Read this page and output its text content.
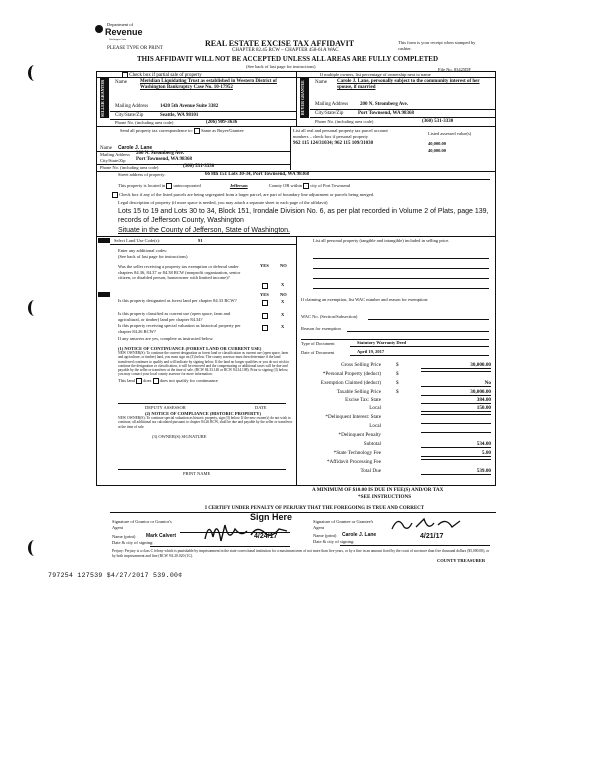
Department of
Revenue
Washington State
PLEASE TYPE OR PRINT
REAL ESTATE EXCISE TAX AFFIDAVIT
CHAPTER 82.45 RCW – CHAPTER 458-61A WAC
THIS AFFIDAVIT WILL NOT BE ACCEPTED UNLESS ALL AREAS ARE FULLY COMPLETED
(See back of last page for instructions)
This form is your receipt when stamped by cashier.
File No. 83425DF
Check box if partial sale of property	If multiple owners, list percentage of ownership next to name
SELLER GRANTOR	BUYER GRANTEE
Name	Meridian Liquidating Trust as established in Western District of Washington Bankruptcy Case No. 10-17952
Mailing Address 1420 5th Avenue Suite 3382
City/State/Zip	Seattle, WA 98101
Phone No. (including area code)	(206) 909-3636
Name Carole J. Lane, personally subject to the community interest of her spouse, if married
Mailing Address 200 N. Stromberg Ave.
City/State/Zip	Port Townsend, WA 98368
Phone No. (including area code)	(360) 531-3330
Send all property tax correspondence to: Same as Buyer/Grantee	List all real and personal property tax parcel account numbers – check box if personal property
962 115 124/31034; 962 115 109/31030
Listed assessed value(s)
40,000.00
40,000.00
Name Carole J. Lane
Mailing Address 200 N. Stromberg Ave.
City/State/Zip Port Townsend, WA 98368
Phone No. (including area code)	(360) 531-3330
Street address of property:	66 8th 151 Lots 30-34, Port Townsend, WA 98368
This property is located in unincorporated	Jefferson	County OR within city of Port Townsend
Check box if any of the listed parcels are being segregated from a larger parcel, are part of boundary line adjustment or parcels being merged.
Legal description of property (if more space is needed, you may attach a separate sheet to each page of the affidavit)
Lots 15 to 19 and Lots 30 to 34, Block 151, Irondale Division No. 6, as per plat recorded in Volume 2 of Plats, page 139, records of Jefferson County, Washington
Situate in the County of Jefferson, State of Washington.
Select Land Use Code(s):	91
Enter any additional codes:
(See back of last page for instructions)
YES NO
Was the seller receiving a property tax exemption or deferral under chapters 84.36, 84.37 or 84.38 RCW (nonprofit organization, senior citizen, or disabled person, homeowner with limited income)?
X
YES NO
Is this property designated as forest land per chapter 84.33 RCW?	X
Is this property classified as current use (open space, farm and agricultural, or timber) land per chapter 84.34?
X
Is this property receiving special valuation as historical property per chapter 84.26 RCW?
X
If any answers are yes, complete as instructed below.
(1) NOTICE OF CONTINUANCE (FOREST LAND OR CURRENT USE)
NEW OWNER(S): To continue the current designation as forest land or classification as current use (open space, farm and agriculture, or timber) land, you must sign on (3) below. The county assessor must then determine if the land transferred continues to qualify and will indicate by signing below. If the land no longer qualifies or you do not wish to continue the designation or classification, it will be removed and the compensating or additional taxes will be due and payable by the seller or transferor at the time of sale. (RCW 84.33.140 or RCW 84.34.108). Prior to signing (3) below, you may contact your local county assessor for more information.
This land does does not qualify for continuance
DEPUTY ASSESSOR	DATE
(2) NOTICE OF COMPLIANCE (HISTORIC PROPERTY)
NEW OWNER(S): To continue special valuation as historic property, sign (3) below. If the new owner(s) do not wish to continue, all additional tax calculated pursuant to chapter 84.26 RCW, shall be due and payable by the seller or transferor at the time of sale.
(3) OWNER(S) SIGNATURE
PRINT NAME
List all personal property (tangible and intangible) included in selling price.
If claiming an exemption, list WAC number and reason for exemption:
WAC No. (Section/Subsection)
Reason for exemption
Type of Document	Statutory Warranty Deed
Date of Document	April 19, 2017
Gross Selling Price	$	30,000.00
*Personal Property (deduct)	$
Exemption Claimed (deduct)	$	No
Taxable Selling Price	$	30,000.00
Excise Tax: State	384.00
Local	150.00
*Delinquent Interest: State
Local
*Delinquent Penalty
Subtotal	534.00
*State Technology Fee	5.00
*Affidavit Processing Fee
Total Due	539.00
A MINIMUM OF $10.00 IS DUE IN FEE(S) AND/OR TAX
*SEE INSTRUCTIONS
I CERTIFY UNDER PENALTY OF PERJURY THAT THE FOREGOING IS TRUE AND CORRECT
Sign Here
Signature of Grantor or Grantor's Agent
Name (print) Mark Calvert
Date & city of signing:
4/24/17
Signature of Grantee or Grantee's Agent
Name (print) Carole J. Lane
Date & city of signing:
4/21/17
Perjury: Perjury is a class C felony which is punishable by imprisonment in the state correctional institution for a maximum term of not more than five years, or by a fine in an amount fixed by the court of not more than five thousand dollars ($5,000.00), or by both imprisonment and fine (RCW 9A.20.020 (1C).
COUNTY TREASURER
797254 127539 $4/27/2017 539.00¢
